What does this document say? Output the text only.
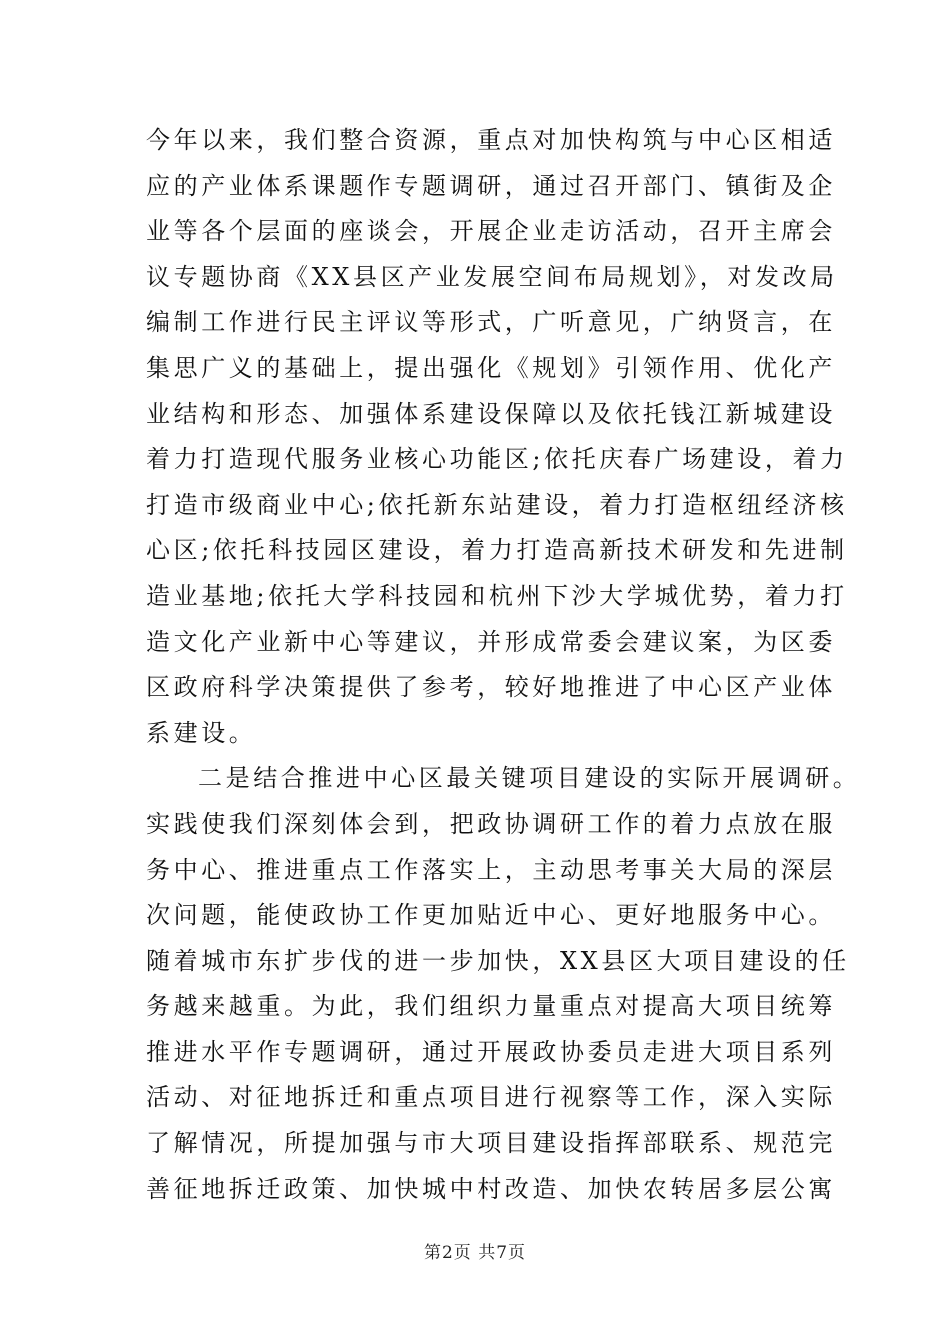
今年以来，我们整合资源，重点对加快构筑与中心区相适
应的产业体系课题作专题调研，通过召开部门、镇街及企
业等各个层面的座谈会，开展企业走访活动，召开主席会
议专题协商《XX县区产业发展空间布局规划》，对发改局
编制工作进行民主评议等形式，广听意见，广纳贤言，在
集思广义的基础上，提出强化《规划》引领作用、优化产
业结构和形态、加强体系建设保障以及依托钱江新城建设
着力打造现代服务业核心功能区;依托庆春广场建设，着力
打造市级商业中心;依托新东站建设，着力打造枢纽经济核
心区;依托科技园区建设，着力打造高新技术研发和先进制
造业基地;依托大学科技园和杭州下沙大学城优势，着力打
造文化产业新中心等建议，并形成常委会建议案，为区委
区政府科学决策提供了参考，较好地推进了中心区产业体
系建设。
二是结合推进中心区最关键项目建设的实际开展调研。
实践使我们深刻体会到，把政协调研工作的着力点放在服
务中心、推进重点工作落实上，主动思考事关大局的深层
次问题，能使政协工作更加贴近中心、更好地服务中心。
随着城市东扩步伐的进一步加快，XX县区大项目建设的任
务越来越重。为此，我们组织力量重点对提高大项目统筹
推进水平作专题调研，通过开展政协委员走进大项目系列
活动、对征地拆迁和重点项目进行视察等工作，深入实际
了解情况，所提加强与市大项目建设指挥部联系、规范完
善征地拆迁政策、加快城中村改造、加快农转居多层公寓
第2页 共7页
